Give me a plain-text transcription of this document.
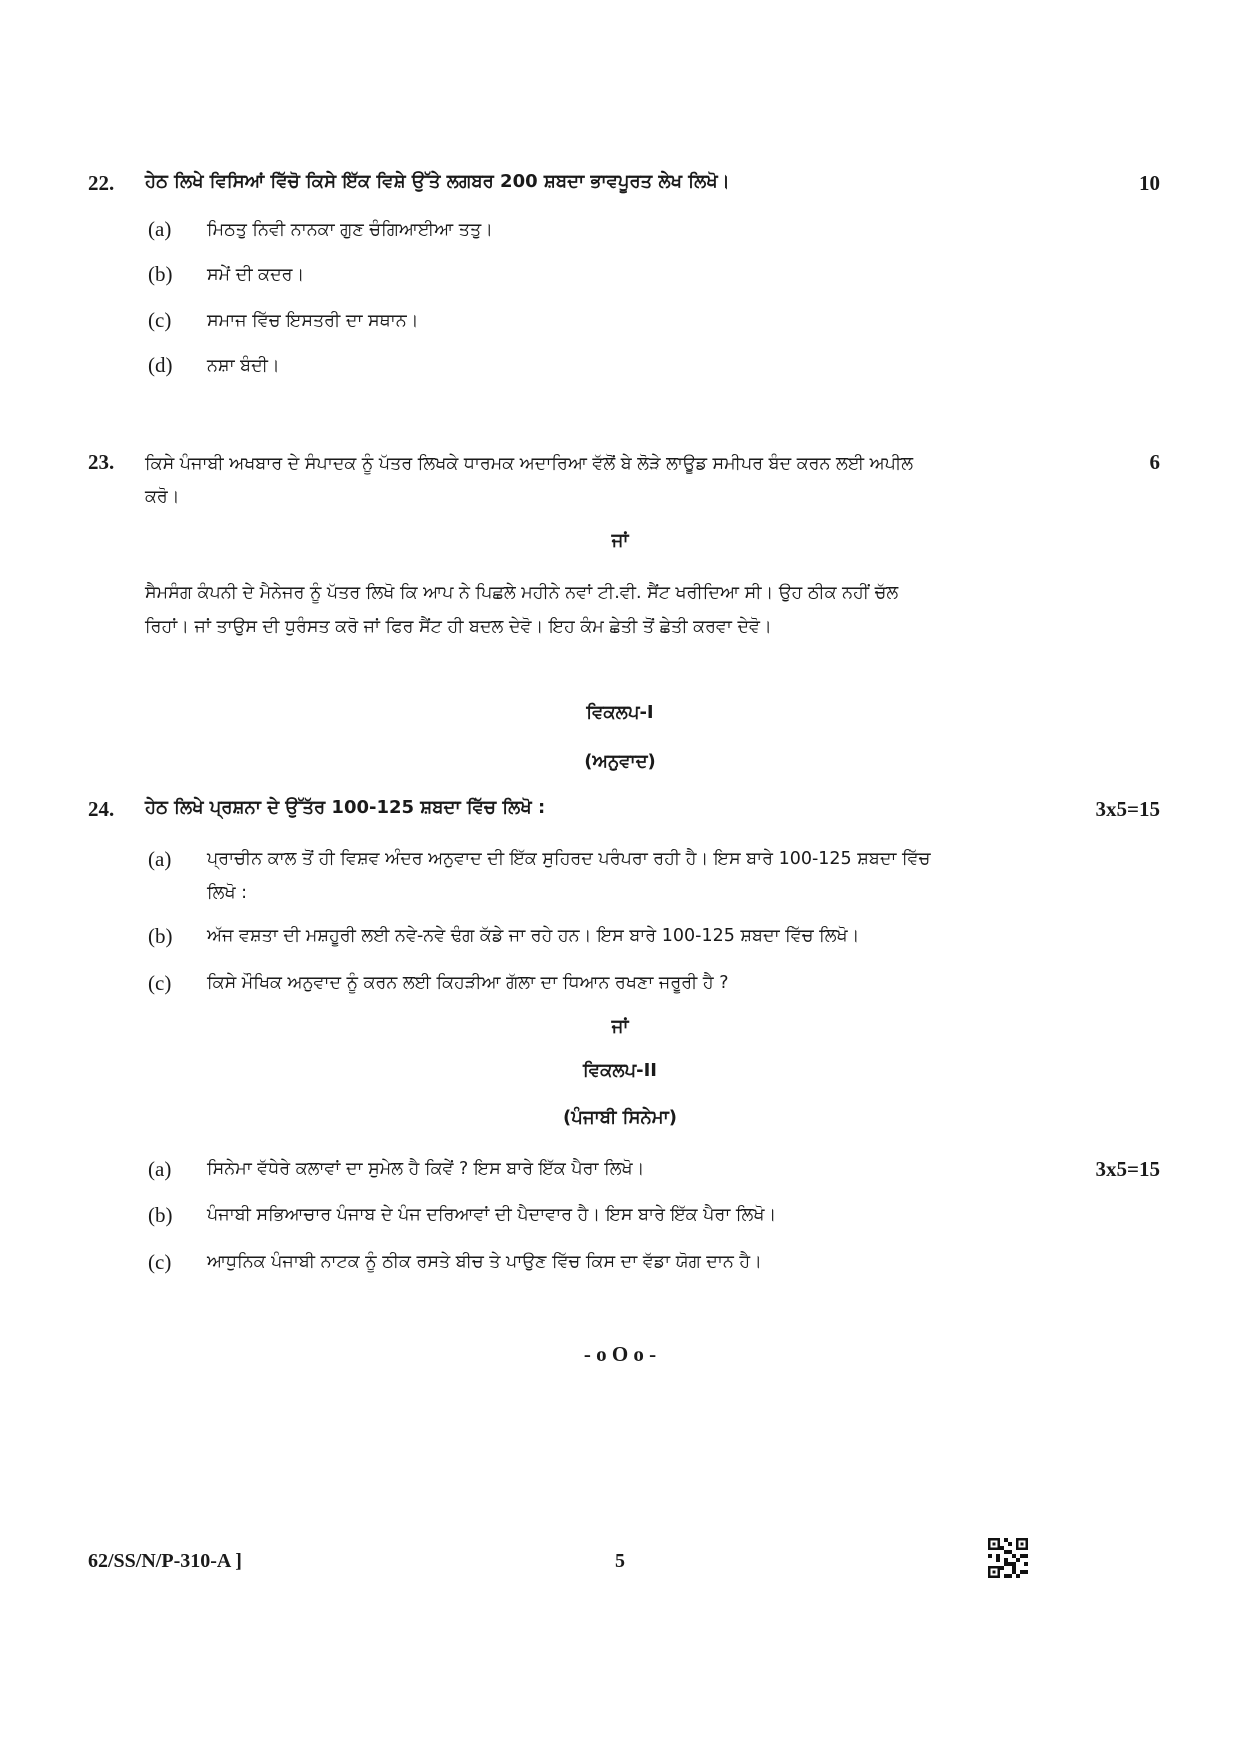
22. ਹੇਠ ਲਿਖੇ ਵਿਸਿਆਂ ਵਿੱਚੋ ਕਿਸੇ ਇੱਕ ਵਿਸ਼ੇ ਉੱਤੇ ਲਗਬਰ 200 ਸ਼ਬਦਾ ਭਾਵਪੂਰਤ ਲੇਖ ਲਿਖੋ।	10
(a) ਮਿਠਤੁ ਨਿਵੀ ਨਾਨਕਾ ਗੁਣ ਚੰਗਿਆਈਆ ਤਤੁ।
(b) ਸਮੇਂ ਦੀ ਕਦਰ।
(c) ਸਮਾਜ ਵਿੱਚ ਇਸਤਰੀ ਦਾ ਸਥਾਨ।
(d) ਨਸ਼ਾ ਬੰਦੀ।
23. ਕਿਸੇ ਪੰਜਾਬੀ ਅਖਬਾਰ ਦੇ ਸੰਪਾਦਕ ਨੂੰ ਪੱਤਰ ਲਿਖਕੇ ਧਾਰਮਕ ਅਦਾਰਿਆ ਵੱਲੋਂ ਬੇ ਲੋੜੇ ਲਾਊਡ ਸਮੀਪਰ ਬੰਦ ਕਰਨ ਲਈ ਅਪੀਲ
ਕਰੋ।
6
ਜਾਂ
ਸੈਮਸੰਗ ਕੰਪਨੀ ਦੇ ਮੈਨੇਜਰ ਨੂੰ ਪੱਤਰ ਲਿਖੋ ਕਿ ਆਪ ਨੇ ਪਿਛਲੇ ਮਹੀਨੇ ਨਵਾਂ ਟੀ.ਵੀ. ਸੈਂਟ ਖਰੀਦਿਆ ਸੀ। ਉਹ ਠੀਕ ਨਹੀਂ ਚੱਲ
ਰਿਹਾਂ। ਜਾਂ ਤਾਉਸ ਦੀ ਧੁਰੰਸਤ ਕਰੋ ਜਾਂ ਫਿਰ ਸੈਂਟ ਹੀ ਬਦਲ ਦੇਵੋ। ਇਹ ਕੰਮ ਛੇਤੀ ਤੋਂ ਛੇਤੀ ਕਰਵਾ ਦੇਵੋ।
ਵਿਕਲਪ-I
(ਅਨੁਵਾਦ)
24. ਹੇਠ ਲਿਖੇ ਪ੍ਰਸ਼ਨਾ ਦੇ ਉੱਤੱਰ 100-125 ਸ਼ਬਦਾ ਵਿੱਚ ਲਿਖੋ :	3x5=15
(a) ਪ੍ਰਾਚੀਨ ਕਾਲ ਤੋਂ ਹੀ ਵਿਸ਼ਵ ਅੰਦਰ ਅਨੁਵਾਦ ਦੀ ਇੱਕ ਸੁਹਿਰਦ ਪਰੰਪਰਾ ਰਹੀ ਹੈ। ਇਸ ਬਾਰੇ 100-125 ਸ਼ਬਦਾ ਵਿੱਚ
ਲਿਖੋ :
(b) ਅੱਜ ਵਸ਼ਤਾ ਦੀ ਮਸ਼ਹੂਰੀ ਲਈ ਨਵੇ-ਨਵੇ ਢੰਗ ਕੱਡੇ ਜਾ ਰਹੇ ਹਨ। ਇਸ ਬਾਰੇ 100-125 ਸ਼ਬਦਾ ਵਿੱਚ ਲਿਖੋ।
(c) ਕਿਸੇ ਮੌਖਿਕ ਅਨੁਵਾਦ ਨੂੰ ਕਰਨ ਲਈ ਕਿਹੜੀਆ ਗੱਲਾ ਦਾ ਧਿਆਨ ਰਖਣਾ ਜਰੂਰੀ ਹੈ ?
ਜਾਂ
ਵਿਕਲਪ-II
(ਪੰਜਾਬੀ ਸਿਨੇਮਾ)
(a) ਸਿਨੇਮਾ ਵੱਧੇਰੇ ਕਲਾਵਾਂ ਦਾ ਸੁਮੇਲ ਹੈ ਕਿਵੇਂ ? ਇਸ ਬਾਰੇ ਇੱਕ ਪੈਰਾ ਲਿਖੋ।	3x5=15
(b) ਪੰਜਾਬੀ ਸਭਿਆਚਾਰ ਪੰਜਾਬ ਦੇ ਪੰਜ ਦਰਿਆਵਾਂ ਦੀ ਪੈਦਾਵਾਰ ਹੈ। ਇਸ ਬਾਰੇ ਇੱਕ ਪੈਰਾ ਲਿਖੋ।
(c) ਆਧੁਨਿਕ ਪੰਜਾਬੀ ਨਾਟਕ ਨੂੰ ਠੀਕ ਰਸਤੇ ਬੀਚ ਤੇ ਪਾਉਣ ਵਿੱਚ ਕਿਸ ਦਾ ਵੱਡਾ ਯੋਗ ਦਾਨ ਹੈ।
- o O o -
62/SS/N/P-310-A ]	5
